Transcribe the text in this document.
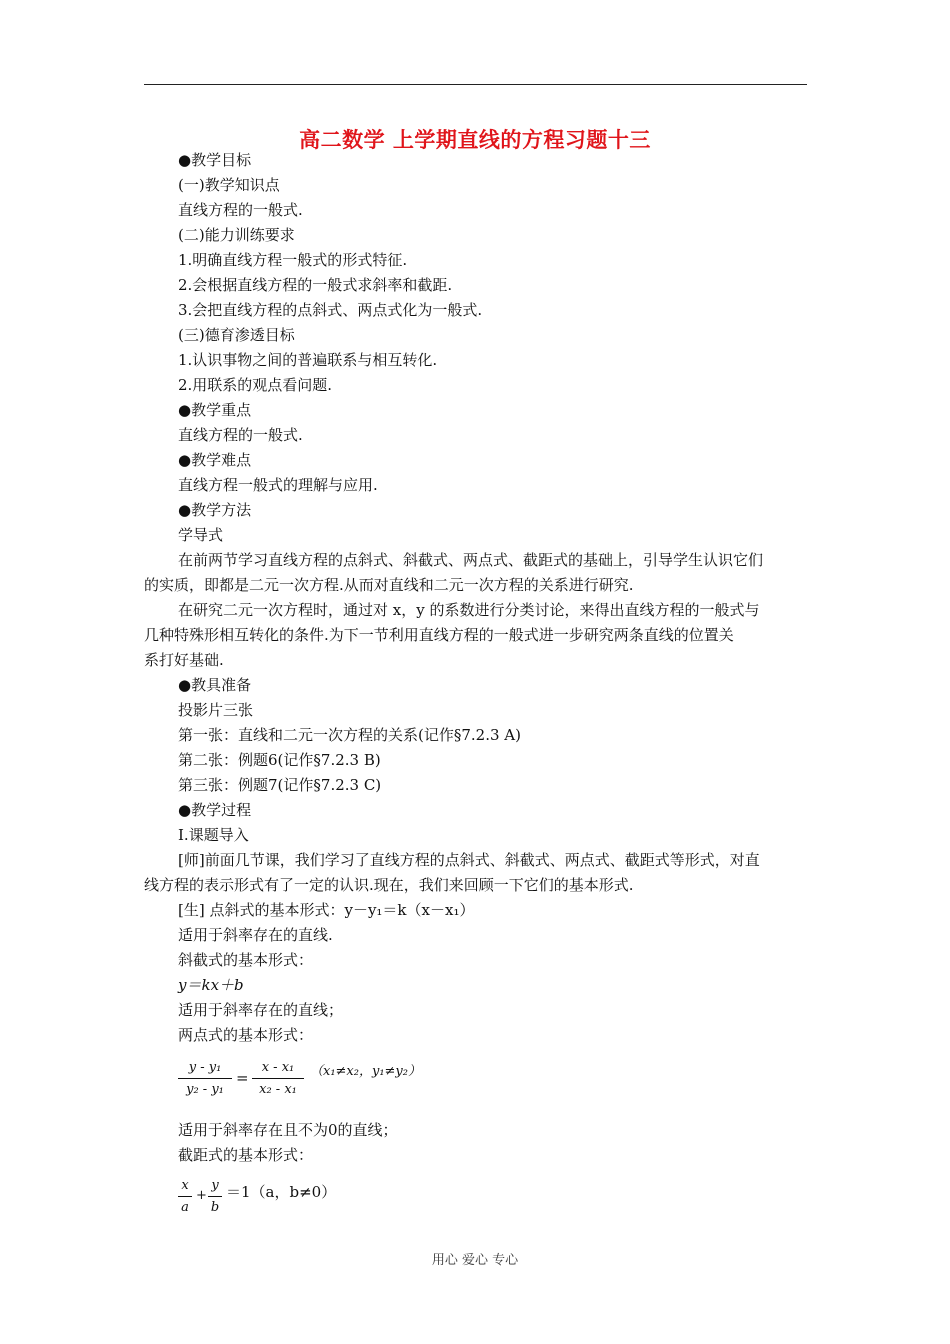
高二数学 上学期直线的方程习题十三
●教学目标
(一)教学知识点
直线方程的一般式.
(二)能力训练要求
1.明确直线方程一般式的形式特征.
2.会根据直线方程的一般式求斜率和截距.
3.会把直线方程的点斜式、两点式化为一般式.
(三)德育渗透目标
1.认识事物之间的普遍联系与相互转化.
2.用联系的观点看问题.
●教学重点
直线方程的一般式.
●教学难点
直线方程一般式的理解与应用.
●教学方法
学导式
在前两节学习直线方程的点斜式、斜截式、两点式、截距式的基础上，引导学生认识它们
的实质，即都是二元一次方程.从而对直线和二元一次方程的关系进行研究.
在研究二元一次方程时，通过对 x，y 的系数进行分类讨论，来得出直线方程的一般式与
几种特殊形相互转化的条件.为下一节利用直线方程的一般式进一步研究两条直线的位置关
系打好基础.
●教具准备
投影片三张
第一张：直线和二元一次方程的关系(记作§7.2.3 A)
第二张：例题6(记作§7.2.3 B)
第三张：例题7(记作§7.2.3 C)
●教学过程
Ⅰ.课题导入
[师]前面几节课，我们学习了直线方程的点斜式、斜截式、两点式、截距式等形式，对直
线方程的表示形式有了一定的认识.现在，我们来回顾一下它们的基本形式.
[生] 点斜式的基本形式：y－y₁＝k（x－x₁）
适用于斜率存在的直线.
斜截式的基本形式：
y＝kx＋b
适用于斜率存在的直线；
两点式的基本形式：
y - y₁
y₂ - y₁
=
x - x₁
x₂ - x₁
（x₁≠x₂，y₁≠y₂）
适用于斜率存在且不为0的直线；
截距式的基本形式：
x
a
+
y
b
＝1（a，b≠0）
用心 爱心 专心
